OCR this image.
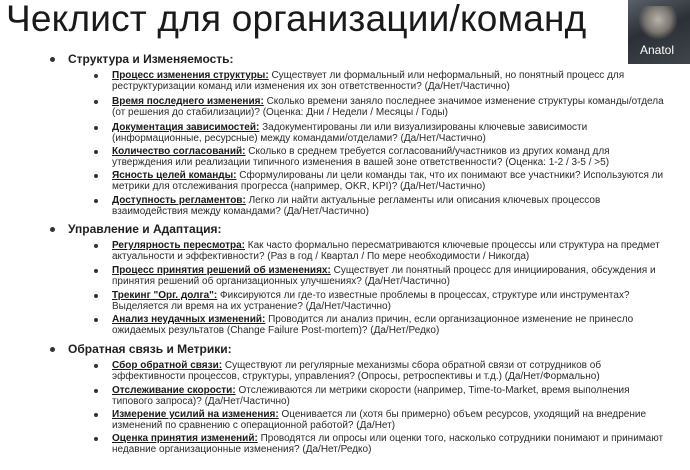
Чеклист для организации/команд
Anatol
Структура и Изменяемость:
Процесс изменения структуры: Существует ли формальный или неформальный, но понятный процесс для реструктуризации команд или изменения их зон ответственности? (Да/Нет/Частично)
Время последнего изменения: Сколько времени заняло последнее значимое изменение структуры команды/отдела (от решения до стабилизации)? (Оценка: Дни / Недели / Месяцы / Годы)
Документация зависимостей: Задокументированы ли или визуализированы ключевые зависимости (информационные, ресурсные) между командами/отделами? (Да/Нет/Частично)
Количество согласований: Сколько в среднем требуется согласований/участников из других команд для утверждения или реализации типичного изменения в вашей зоне ответственности? (Оценка: 1-2 / 3-5 / >5)
Ясность целей команды: Сформулированы ли цели команды так, что их понимают все участники? Используются ли метрики для отслеживания прогресса (например, OKR, KPI)? (Да/Нет/Частично)
Доступность регламентов: Легко ли найти актуальные регламенты или описания ключевых процессов взаимодействия между командами? (Да/Нет/Частично)
Управление и Адаптация:
Регулярность пересмотра: Как часто формально пересматриваются ключевые процессы или структура на предмет актуальности и эффективности? (Раз в год / Квартал / По мере необходимости / Никогда)
Процесс принятия решений об изменениях: Существует ли понятный процесс для инициирования, обсуждения и принятия решений об организационных улучшениях? (Да/Нет/Частично)
Трекинг "Орг. долга": Фиксируются ли где-то известные проблемы в процессах, структуре или инструментах? Выделяется ли время на их устранение? (Да/Нет/Частично)
Анализ неудачных изменений: Проводится ли анализ причин, если организационное изменение не принесло ожидаемых результатов (Change Failure Post-mortem)? (Да/Нет/Редко)
Обратная связь и Метрики:
Сбор обратной связи: Существуют ли регулярные механизмы сбора обратной связи от сотрудников об эффективности процессов, структуры, управления? (Опросы, ретроспективы и т.д.) (Да/Нет/Формально)
Отслеживание скорости: Отслеживаются ли метрики скорости (например, Time-to-Market, время выполнения типового запроса)? (Да/Нет/Частично)
Измерение усилий на изменения: Оценивается ли (хотя бы примерно) объем ресурсов, уходящий на внедрение изменений по сравнению с операционной работой? (Да/Нет)
Оценка принятия изменений: Проводятся ли опросы или оценки того, насколько сотрудники понимают и принимают недавние организационные изменения? (Да/Нет/Редко)
